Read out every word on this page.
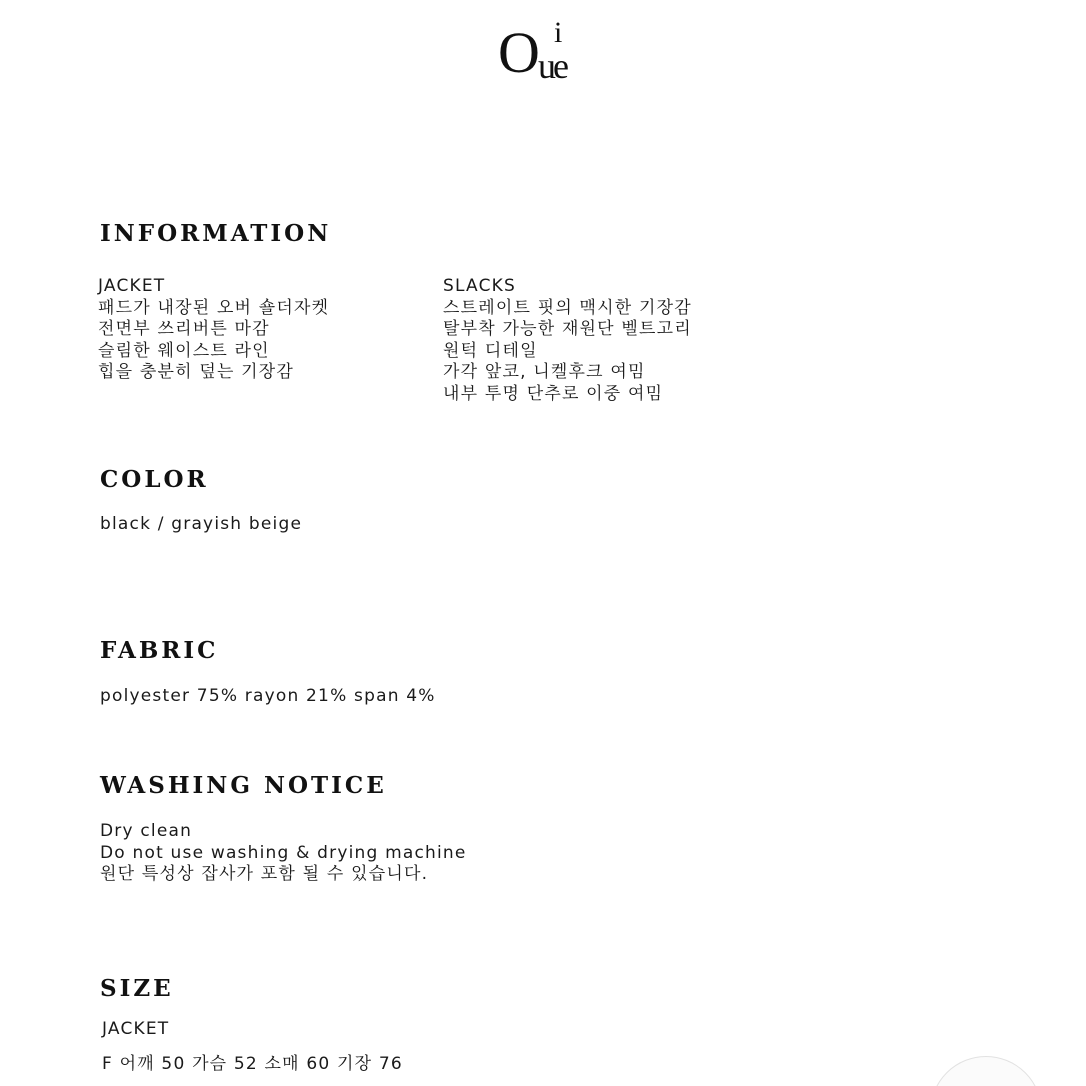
O i
ue
INFORMATION
JACKET
패드가 내장된 오버 숄더자켓
전면부 쓰리버튼 마감
슬림한 웨이스트 라인
힙을 충분히 덮는 기장감
SLACKS
스트레이트 핏의 맥시한 기장감
탈부착 가능한 재원단 벨트고리
원턱 디테일
가각 앞코, 니켈후크 여밈
내부 투명 단추로 이중 여밈
COLOR

black / grayish beige

FABRIC

polyester 75% rayon 21% span 4%

WASHING NOTICE
Dry clean
Do not use washing & drying machine
원단 특성상 잡사가 포함 될 수 있습니다.
SIZE

JACKET

F 어깨 50 가슴 52 소매 60 기장 76
